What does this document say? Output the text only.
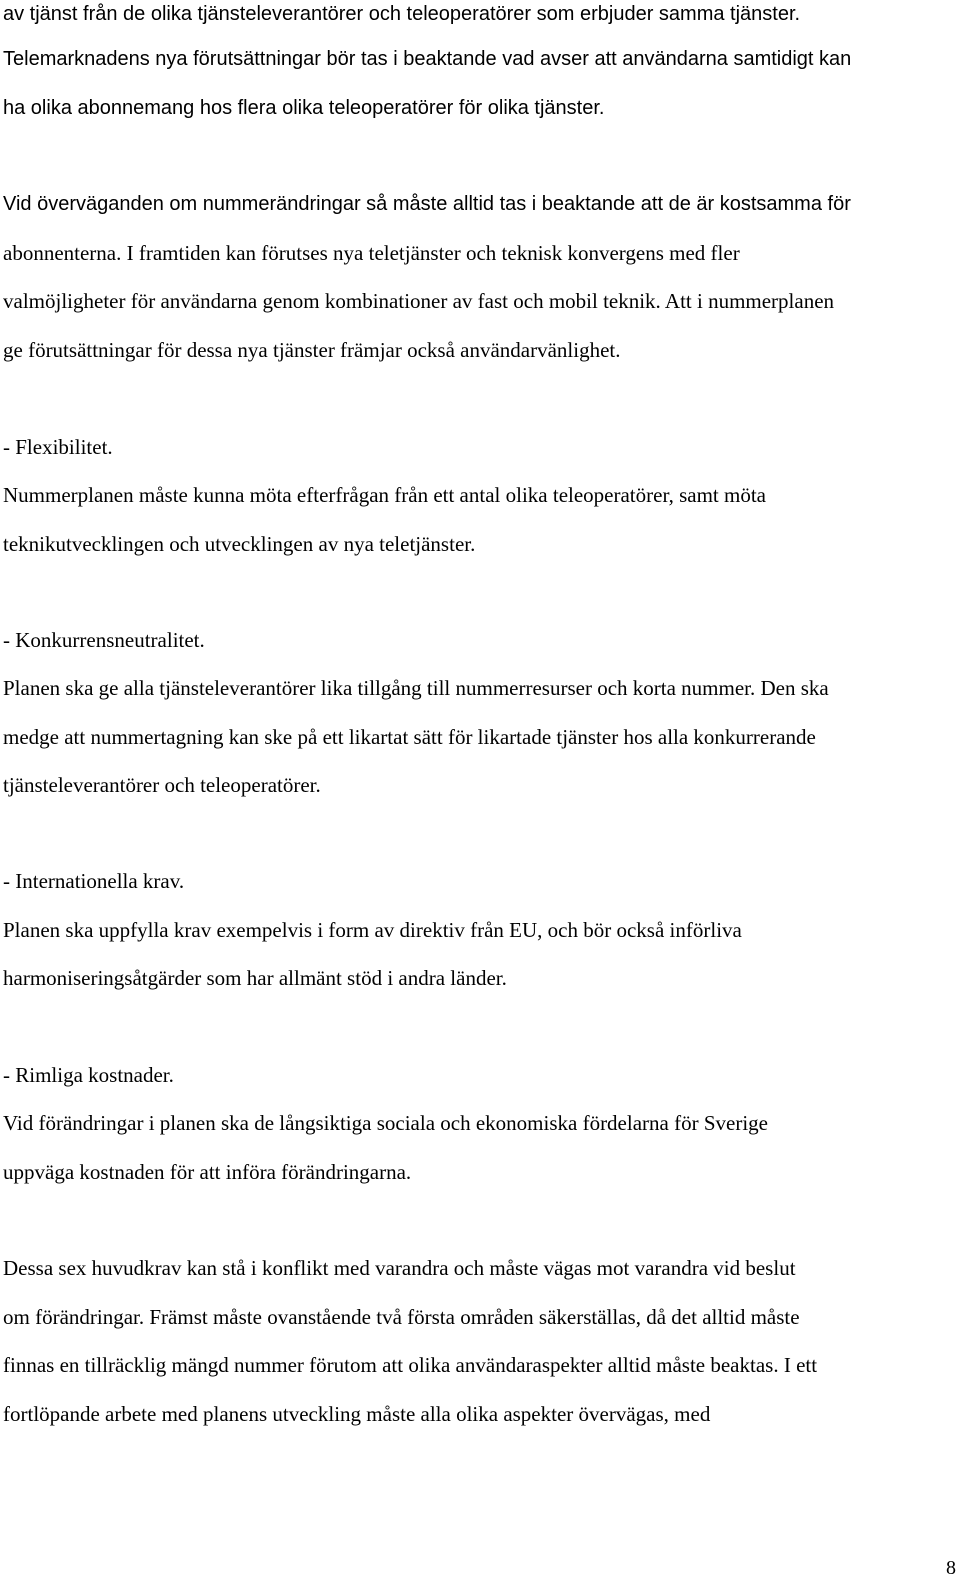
av tjänst från de olika tjänsteleverantörer och teleoperatörer som erbjuder samma tjänster.
Telemarknadens nya förutsättningar bör tas i beaktande vad avser att användarna samtidigt kan
ha olika abonnemang hos flera olika teleoperatörer för olika tjänster.
Vid överväganden om nummerändringar så måste alltid tas i beaktande att de är kostsamma för
abonnenterna. I framtiden kan förutses nya teletjänster och teknisk konvergens med fler
valmöjligheter för användarna genom kombinationer av fast och mobil teknik. Att i nummerplanen
ge förutsättningar för dessa nya tjänster främjar också användarvänlighet.
- Flexibilitet.
Nummerplanen måste kunna möta efterfrågan från ett antal olika teleoperatörer, samt möta
teknikutvecklingen och utvecklingen av nya teletjänster.
- Konkurrensneutralitet.
Planen ska ge alla tjänsteleverantörer lika tillgång till nummerresurser och korta nummer. Den ska
medge att nummertagning kan ske på ett likartat sätt för likartade tjänster hos alla konkurrerande
tjänsteleverantörer och teleoperatörer.
- Internationella krav.
Planen ska uppfylla krav exempelvis i form av direktiv från EU, och bör också införliva
harmoniseringsåtgärder som har allmänt stöd i andra länder.
- Rimliga kostnader.
Vid förändringar i planen ska de långsiktiga sociala och ekonomiska fördelarna för Sverige
uppväga kostnaden för att införa förändringarna.
Dessa sex huvudkrav kan stå i konflikt med varandra och måste vägas mot varandra vid beslut
om förändringar. Främst måste ovanstående två första områden säkerställas, då det alltid måste
finnas en tillräcklig mängd nummer förutom att olika användaraspekter alltid måste beaktas. I ett
fortlöpande arbete med planens utveckling måste alla olika aspekter övervägas, med
8
